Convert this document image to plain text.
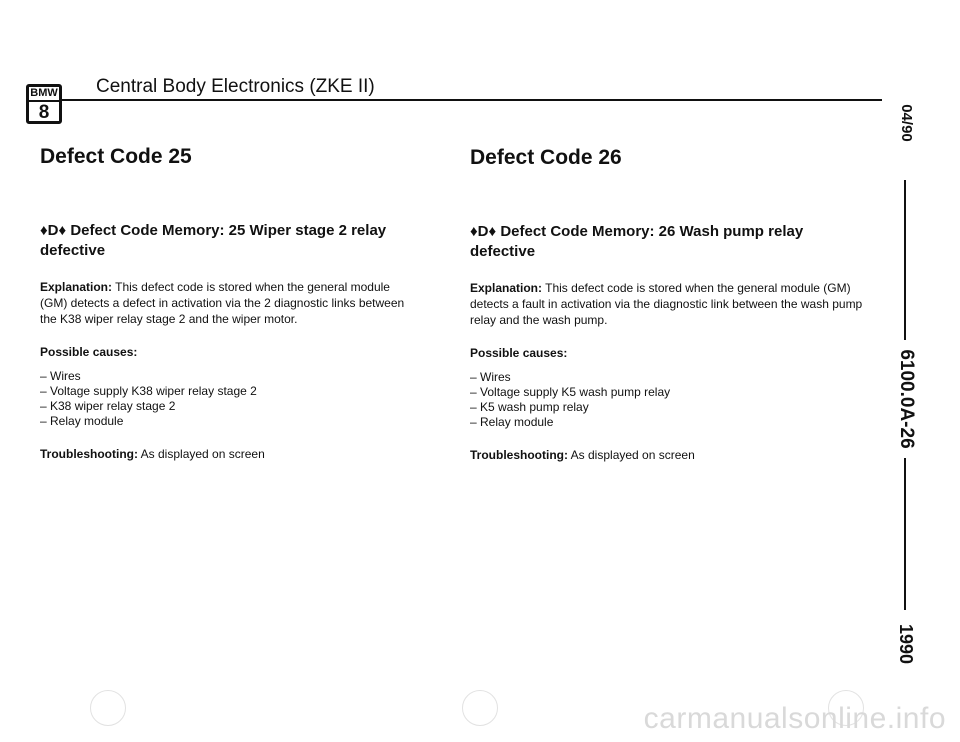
BMW
8
Central Body Electronics (ZKE II)
Defect Code 25
♦D♦ Defect Code Memory: 25 Wiper stage 2 relay defective
Explanation: This defect code is stored when the general module (GM) detects a defect in activation via the 2 diagnostic links between the K38 wiper relay stage 2 and the wiper motor.
Possible causes:
– Wires
– Voltage supply K38 wiper relay stage 2
– K38 wiper relay stage 2
– Relay module
Troubleshooting: As displayed on screen
Defect Code 26
♦D♦ Defect Code Memory: 26 Wash pump relay defective
Explanation: This defect code is stored when the general module (GM) detects a fault in activation via the diagnostic link between the wash pump relay and the wash pump.
Possible causes:
– Wires
– Voltage supply K5 wash pump relay
– K5 wash pump relay
– Relay module
Troubleshooting: As displayed on screen
04/90
6100.0A-26
1990
carmanualsonline.info
